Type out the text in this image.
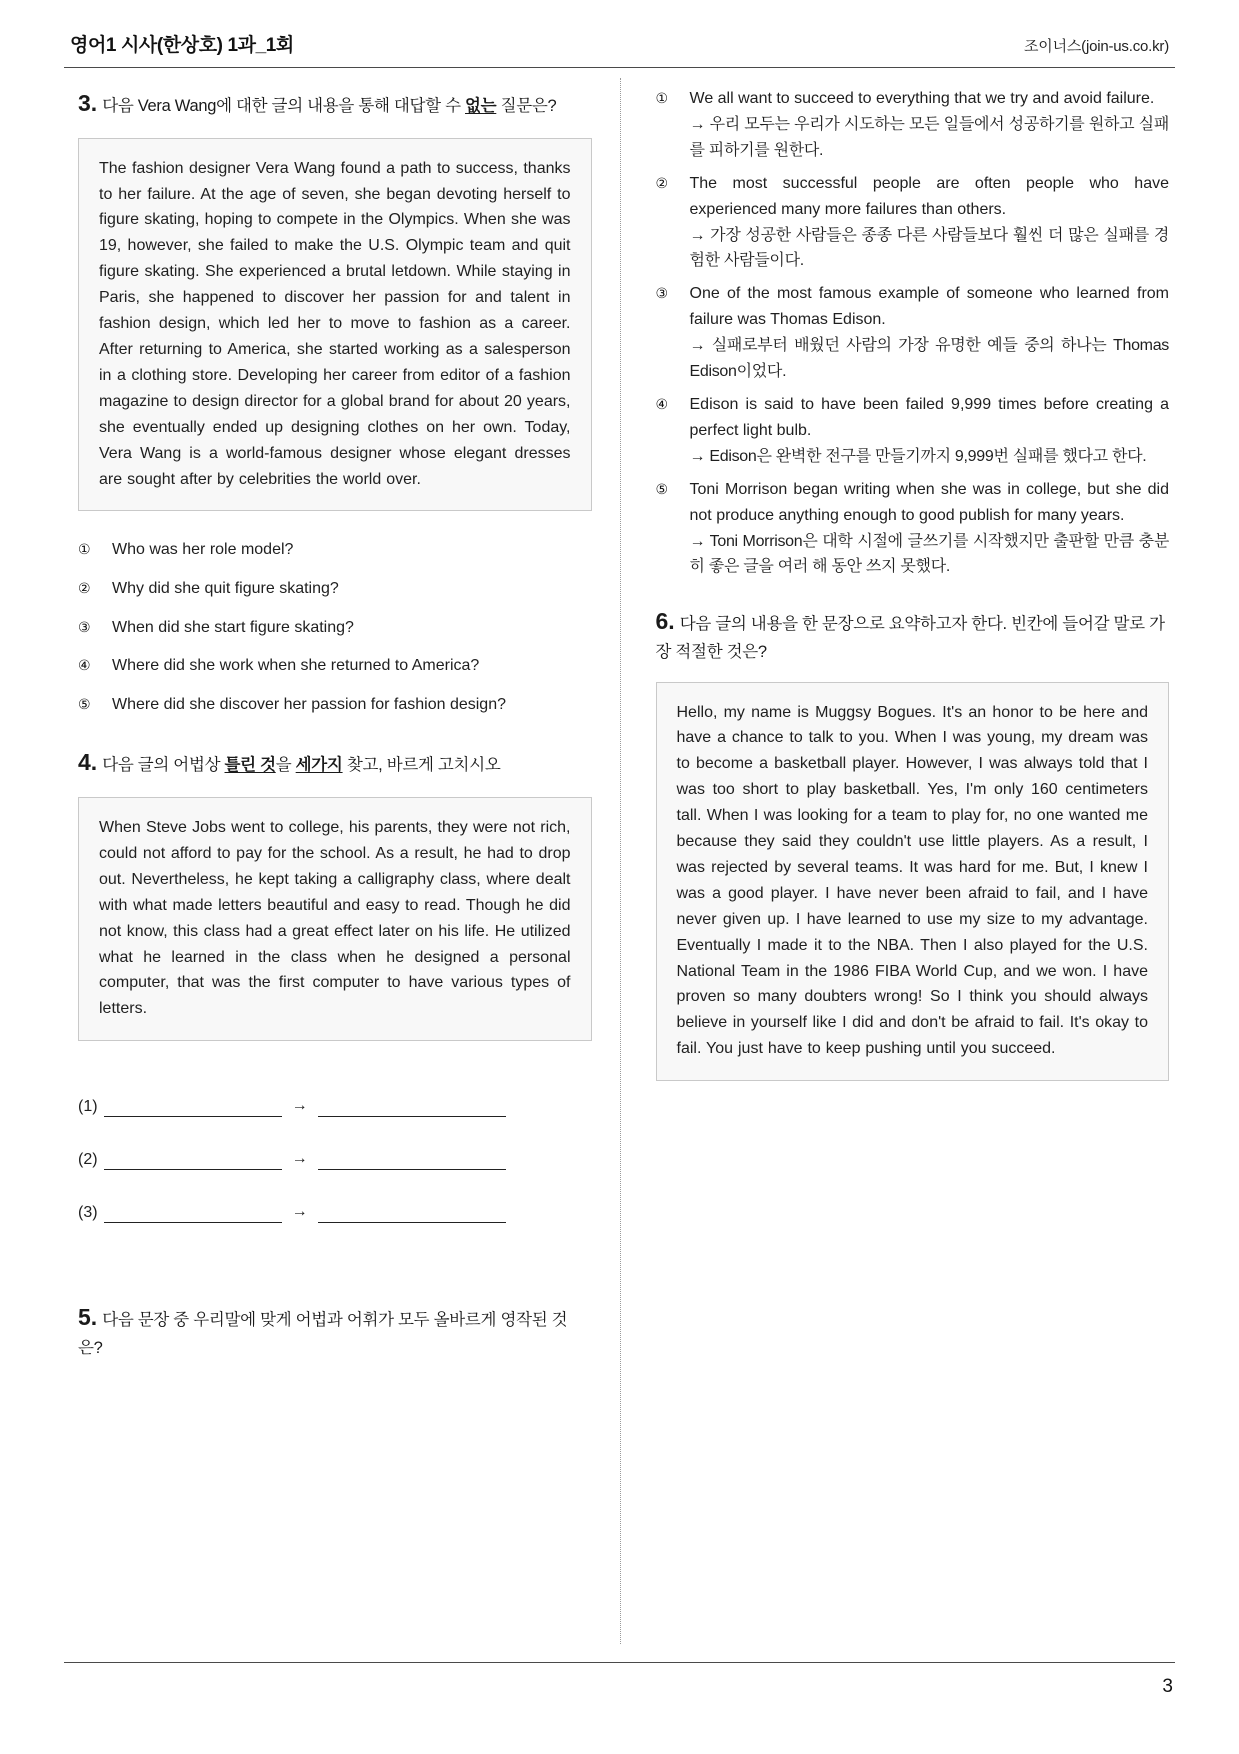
영어1 시사(한상호) 1과_1회	조이너스(join-us.co.kr)

3. 다음 Vera Wang에 대한 글의 내용을 통해 대답할 수 없는 질문은?

The fashion designer Vera Wang found a path to success, thanks to her failure. At the age of seven, she began devoting herself to figure skating, hoping to compete in the Olympics. When she was 19, however, she failed to make the U.S. Olympic team and quit figure skating. She experienced a brutal letdown. While staying in Paris, she happened to discover her passion for and talent in fashion design, which led her to move to fashion as a career. After returning to America, she started working as a salesperson in a clothing store. Developing her career from editor of a fashion magazine to design director for a global brand for about 20 years, she eventually ended up designing clothes on her own. Today, Vera Wang is a world-famous designer whose elegant dresses are sought after by celebrities the world over.

①	Who was her role model?
②	Why did she quit figure skating?
③	When did she start figure skating?
④	Where did she work when she returned to America?
⑤	Where did she discover her passion for fashion design?

4. 다음 글의 어법상 틀린 것을 세가지 찾고, 바르게 고치시오

When Steve Jobs went to college, his parents, they were not rich, could not afford to pay for the school. As a result, he had to drop out. Nevertheless, he kept taking a calligraphy class, where dealt with what made letters beautiful and easy to read. Though he did not know, this class had a great effect later on his life. He utilized what he learned in the class when he designed a personal computer, that was the first computer to have various types of letters.

(1)	→
(2)	→
(3)	→

5. 다음 문장 중 우리말에 맞게 어법과 어휘가 모두 올바르게 영작된 것은?

①	We all want to succeed to everything that we try and avoid failure.
→ 우리 모두는 우리가 시도하는 모든 일들에서 성공하기를 원하고 실패를 피하기를 원한다.
②	The most successful people are often people who have experienced many more failures than others.
→ 가장 성공한 사람들은 종종 다른 사람들보다 훨씬 더 많은 실패를 경험한 사람들이다.
③	One of the most famous example of someone who learned from failure was Thomas Edison.
→ 실패로부터 배웠던 사람의 가장 유명한 예들 중의 하나는 Thomas Edison이었다.
④	Edison is said to have been failed 9,999 times before creating a perfect light bulb.
→ Edison은 완벽한 전구를 만들기까지 9,999번 실패를 했다고 한다.
⑤	Toni Morrison began writing when she was in college, but she did not produce anything enough to good publish for many years.
→ Toni Morrison은 대학 시절에 글쓰기를 시작했지만 출판할 만큼 충분히 좋은 글을 여러 해 동안 쓰지 못했다.

6. 다음 글의 내용을 한 문장으로 요약하고자 한다. 빈칸에 들어갈 말로 가장 적절한 것은?

Hello, my name is Muggsy Bogues. It's an honor to be here and have a chance to talk to you. When I was young, my dream was to become a basketball player. However, I was always told that I was too short to play basketball. Yes, I'm only 160 centimeters tall. When I was looking for a team to play for, no one wanted me because they said they couldn't use little players. As a result, I was rejected by several teams. It was hard for me. But, I knew I was a good player. I have never been afraid to fail, and I have never given up. I have learned to use my size to my advantage. Eventually I made it to the NBA. Then I also played for the U.S. National Team in the 1986 FIBA World Cup, and we won. I have proven so many doubters wrong! So I think you should always believe in yourself like I did and don't be afraid to fail. It's okay to fail. You just have to keep pushing until you succeed.

3
